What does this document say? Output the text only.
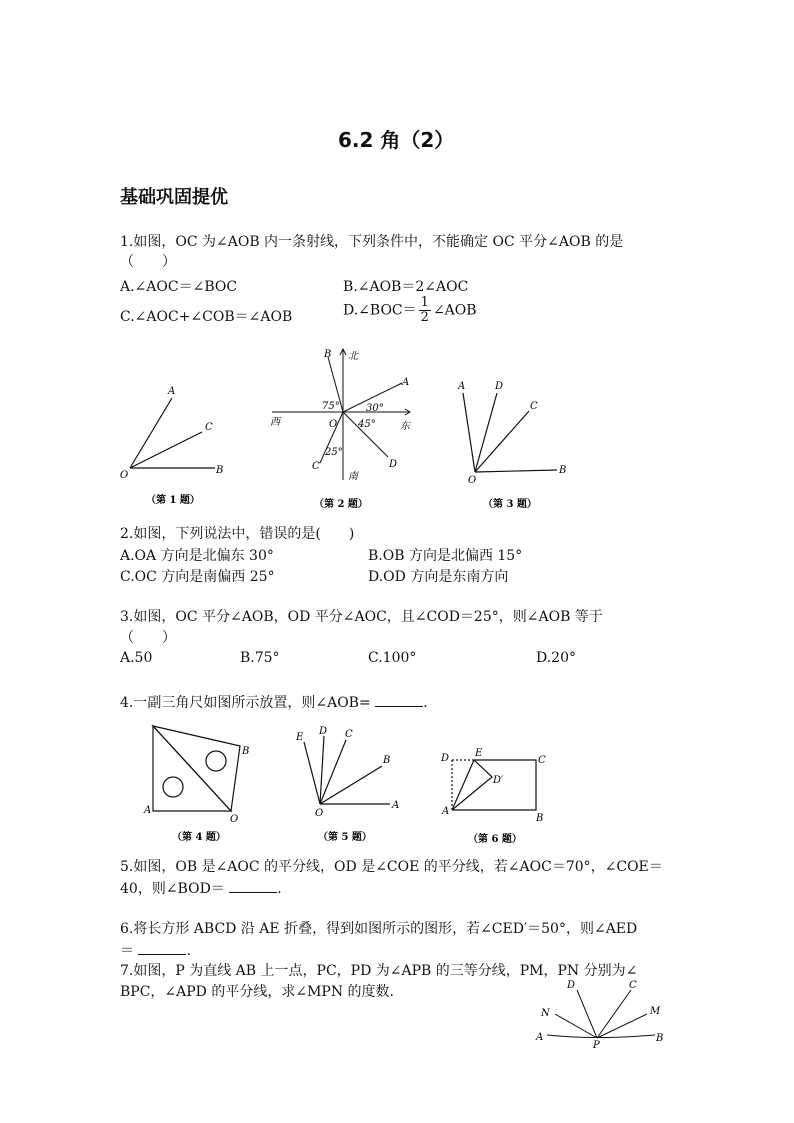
6.2 角（2）
基础巩固提优
1.如图，OC 为∠AOB 内一条射线，下列条件中，不能确定 OC 平分∠AOB 的是
（　　）
A.∠AOC＝∠BOC	B.∠AOB＝2∠AOC
C.∠AOC+∠COB＝∠AOB	D.∠BOC＝ $\frac{1}{2}$ ∠AOB
A
C
O	B
（第 1 题）
北
南
西	东
B
A
O
C	D
75°	30°
45°
25°
（第 2 题）
A	D
C
O
B
（第 3 题）
2.如图，下列说法中，错误的是(　　)
A.OA 方向是北偏东 30°	B.OB 方向是北偏西 15°
C.OC 方向是南偏西 25°	D.OD 方向是东南方向
3.如图，OC 平分∠AOB，OD 平分∠AOC，且∠COD＝25°，则∠AOB 等于
（　　）
A.50	B.75°	C.100°	D.20°
4.一副三角尺如图所示放置，则∠AOB=	.
B
A
O
（第 4 题）
E
D C
B
O
A
（第 5 题）
D	E
C
D′
A
B
（第 6 题）
5.如图，OB 是∠AOC 的平分线，OD 是∠COE 的平分线，若∠AOC＝70°，∠COE＝
40，则∠BOD＝	.
6.将长方形 ABCD 沿 AE 折叠，得到如图所示的图形，若∠CED′＝50°，则∠AED
＝	.
7.如图，P 为直线 AB 上一点，PC，PD 为∠APB 的三等分线，PM，PN 分别为∠
BPC，∠APD 的平分线，求∠MPN 的度数.	D	C
N	M
A
P
B
